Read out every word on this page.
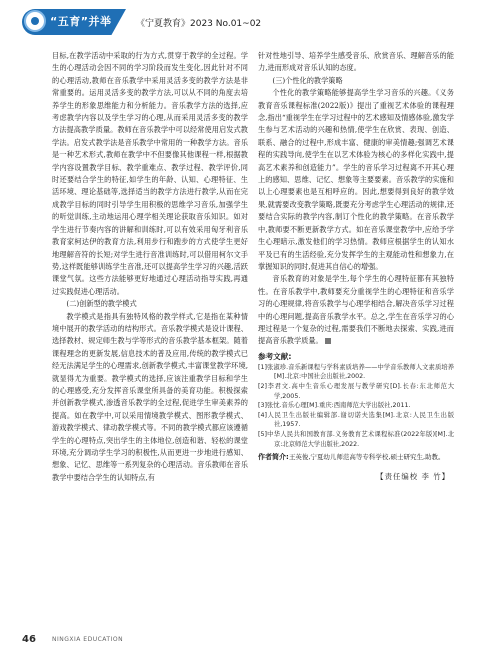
“五育”并举	《宁夏教育》2023 No.01~02

目标,在教学活动中采取的行为方式,贯穿于教学的全过程。学生的心理活动会因不同的学习阶段而发生变化,因此针对不同的心理活动,教师在音乐教学中采用灵活多变的教学方法是非常重要的。运用灵活多变的教学方法,可以从不同的角度去培养学生的形象思维能力和分析能力。音乐教学方法的选择,应考虑教学内容以及学生学习的心理,从而采用灵活多变的教学方法提高教学质量。教师在音乐教学中可以经常使用启发式教学法。启发式教学法是音乐教学中常用的一种教学方法。音乐是一种艺术形式,教师在教学中不但要像其他课程一样,根据教学内容设置教学目标、教学重难点、教学过程、教学评价,同时还要结合学生的特征,如学生的年龄、认知、心理特征、生活环境、理论基础等,选择适当的教学方法进行教学,从而在完成教学目标的同时引导学生用积极的思维学习音乐,加强学生的听觉训练,主动地运用心理学相关理论获取音乐知识。如对学生进行节奏内容的讲解和训练时,可以有效采用匈牙利音乐教育家柯达伊的教育方法,利用步行和跑步的方式使学生更好地理解音符的长短;对学生进行音准训练时,可以借用柯尔文手势,这样既能够训练学生音准,还可以提高学生学习的兴趣,活跃课堂气氛。这些方法能够更好地通过心理活动指导实践,再通过实践促进心理活动。

(二)创新型的教学模式

教学模式是指具有独特风格的教学样式,它是指在某种情境中展开的教学活动的结构形式。音乐教学模式是设计课程、选择教材、规定师生教与学等形式的音乐教学基本框架。随着课程理念的更新发展,信息技术的普及应用,传统的教学模式已经无法满足学生的心理需求,创新教学模式,丰富课堂教学环境,就显得尤为重要。教学模式的选择,应该注重教学目标和学生的心理感受,充分发挥音乐课堂所具备的美育功能。积极探索并创新教学模式,渗透音乐教学的全过程,促进学生审美素养的提高。如在教学中,可以采用情境教学模式、图形教学模式、游戏教学模式、律动教学模式等。不同的教学模式都应该遵循学生的心理特点,突出学生的主体地位,创造和谐、轻松的课堂环境,充分调动学生学习的积极性,从而更进一步地进行感知、想象、记忆、思维等一系列复杂的心理活动。音乐教师在音乐教学中要结合学生的认知特点,有

针对性地引导、培养学生感受音乐、欣赏音乐、理解音乐的能力,进而形成对音乐认知的态度。

(三)个性化的教学策略

个性化的教学策略能够提高学生学习音乐的兴趣。《义务教育音乐课程标准(2022版)》提出了重视艺术体验的课程理念,指出“重视学生在学习过程中的艺术感知及情感体验,激发学生参与艺术活动的兴趣和热情,使学生在欣赏、表现、创造、联系、融合的过程中,形成丰富、健康的审美情趣;强调艺术课程的实践导向,使学生在以艺术体验为核心的多样化实践中,提高艺术素养和创造能力”。学生的音乐学习过程离不开其心理上的感知、思维、记忆、想象等主要要素。音乐教学的实施和以上心理要素也是互相呼应的。因此,想要得到良好的教学效果,就需要改变教学策略,既要充分考虑学生心理活动的规律,还要结合实际的教学内容,制订个性化的教学策略。在音乐教学中,教师要不断更新教学方式。如在音乐课堂教学中,应给予学生心理暗示,激发他们的学习热情。教师应根据学生的认知水平及已有的生活经验,充分发挥学生的主观能动性和想象力,在掌握知识的同时,促进其自信心的增强。

音乐教育的对象是学生,每个学生的心理特征都有其独特性。在音乐教学中,教师要充分重视学生的心理特征和音乐学习的心理规律,将音乐教学与心理学相结合,解决音乐学习过程中的心理问题,提高音乐教学水平。总之,学生在音乐学习的心理过程是一个复杂的过程,需要我们不断地去探索、实践,进而提高音乐教学质量。

参考文献:
[1]张淑珍.音乐新课程与学科素质培养——中学音乐教师人文素质培养[M].北京:中国社会出版社,2002.
[2]李君文.高中生音乐心理发展与教学研究[D].长春:东北师范大学,2005.
[3]张忱.音乐心理[M].重庆:西南师范大学出版社,2011.
[4]人民卫生出版社编辑部.谢切诺夫选集[M].北京:人民卫生出版社,1957.
[5]中华人民共和国教育部.义务教育艺术课程标准(2022年版)[M].北京:北京师范大学出版社,2022.
作者简介:王英俊,宁夏幼儿师范高等专科学校,硕士研究生,助教。
【责任编校 李 竹】
46	NINGXIA EDUCATION
